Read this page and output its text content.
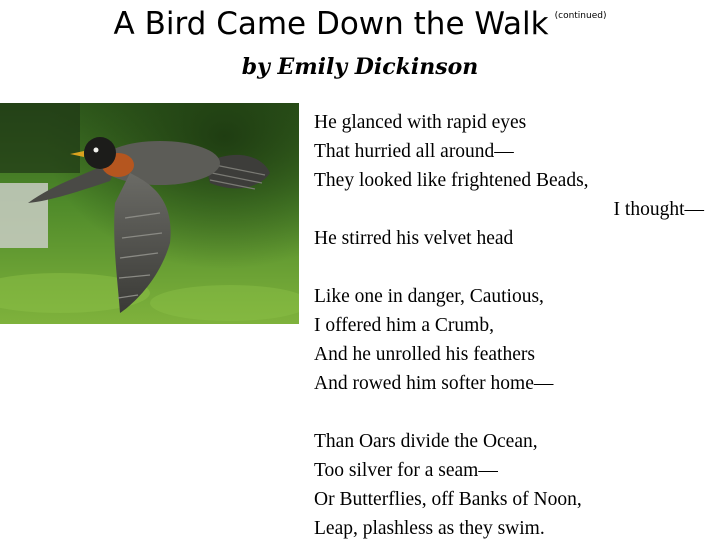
A Bird Came Down the Walk $^{(continued)}$
by Emily Dickinson
He glanced with rapid eyes
That hurried all around—
They looked like frightened Beads,
I thought—
He stirred his velvet head
Like one in danger, Cautious,
I offered him a Crumb,
And he unrolled his feathers
And rowed him softer home—
Than Oars divide the Ocean,
Too silver for a seam—
Or Butterflies, off Banks of Noon,
Leap, plashless as they swim.
